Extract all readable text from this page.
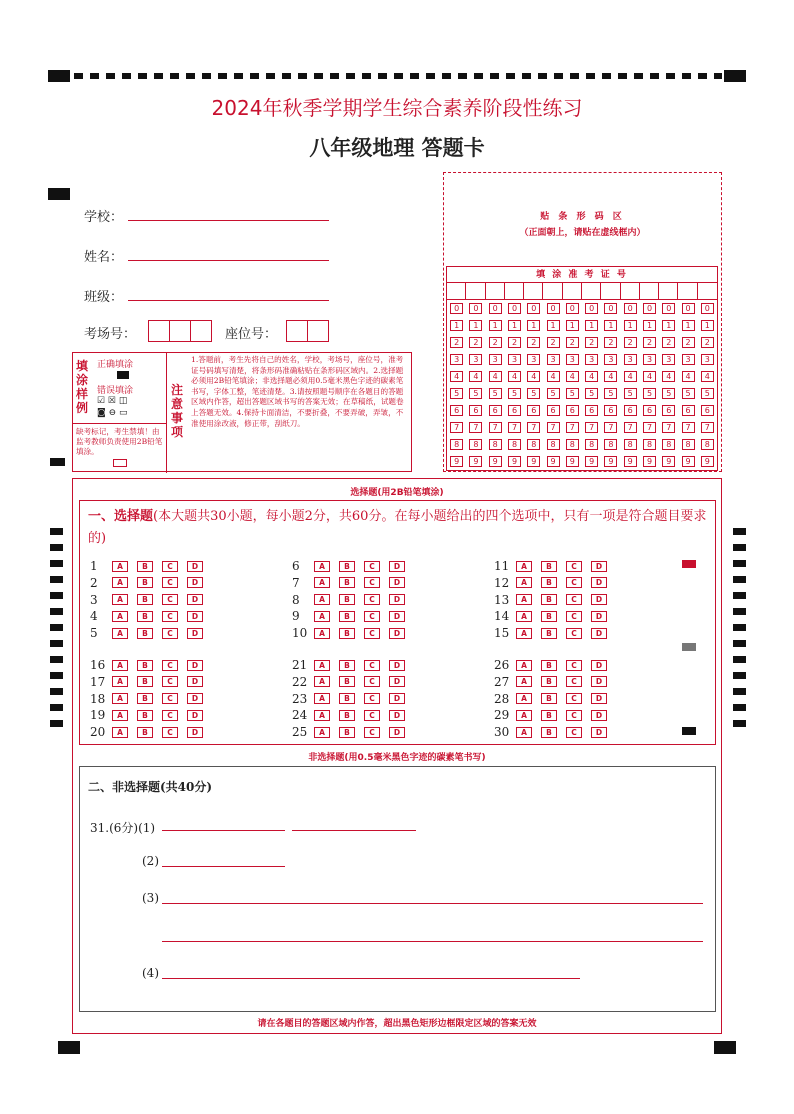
2024年秋季学期学生综合素养阶段性练习
八年级地理 答题卡
学校：
姓名：
班级：
考场号：	座位号：
贴 条 形 码 区
（正面朝上，请贴在虚线框内）
填 涂 准 考 证 号
0	0	0	0	0	0	0	0	0	0	0	0	0	0
1	1	1	1	1	1	1	1	1	1	1	1	1	1
2	2	2	2	2	2	2	2	2	2	2	2	2	2
3	3	3	3	3	3	3	3	3	3	3	3	3	3
4	4	4	4	4	4	4	4	4	4	4	4	4	4
5	5	5	5	5	5	5	5	5	5	5	5	5	5
6	6	6	6	6	6	6	6	6	6	6	6	6	6
7	7	7	7	7	7	7	7	7	7	7	7	7	7
8	8	8	8	8	8	8	8	8	8	8	8	8	8
9	9	9	9	9	9	9	9	9	9	9	9	9	9
填涂样例
正确填涂
错误填涂
☑ ☒ ◫
◙ ⊖ ▭
缺考标记，考生禁填！由监考教师负责使用2B铅笔填涂。
注意事项
1.答题前，考生先将自己的姓名，学校，考场号，座位号，准考证号码填写清楚，将条形码准确粘贴在条形码区域内。2.选择题必须用2B铅笔填涂；非选择题必须用0.5毫米黑色字迹的碳素笔书写，字体工整，笔迹清楚。3.请按照题号顺序在各题目的答题区域内作答，超出答题区域书写的答案无效；在草稿纸，试题卷上答题无效。4.保持卡面清洁，不要折叠，不要弄破，弄皱，不准使用涂改液，修正带，刮纸刀。
选择题(用2B铅笔填涂)
一、选择题(本大题共30小题，每小题2分，共60分。在每小题给出的四个选项中，只有一项是符合题目要求的)
1	A	B	C	D
2	A	B	C	D
3	A	B	C	D
4	A	B	C	D
5	A	B	C	D
6	A	B	C	D
7	A	B	C	D
8	A	B	C	D
9	A	B	C	D
10	A	B	C	D
11	A	B	C	D
12	A	B	C	D
13	A	B	C	D
14	A	B	C	D
15	A	B	C	D
16	A	B	C	D
17	A	B	C	D
18	A	B	C	D
19	A	B	C	D
20	A	B	C	D
21	A	B	C	D
22	A	B	C	D
23	A	B	C	D
24	A	B	C	D
25	A	B	C	D
26	A	B	C	D
27	A	B	C	D
28	A	B	C	D
29	A	B	C	D
30	A	B	C	D
非选择题(用0.5毫米黑色字迹的碳素笔书写)
二、非选择题(共40分)
31.(6分)(1)
(2)
(3)
(4)
请在各题目的答题区域内作答，超出黑色矩形边框限定区域的答案无效
